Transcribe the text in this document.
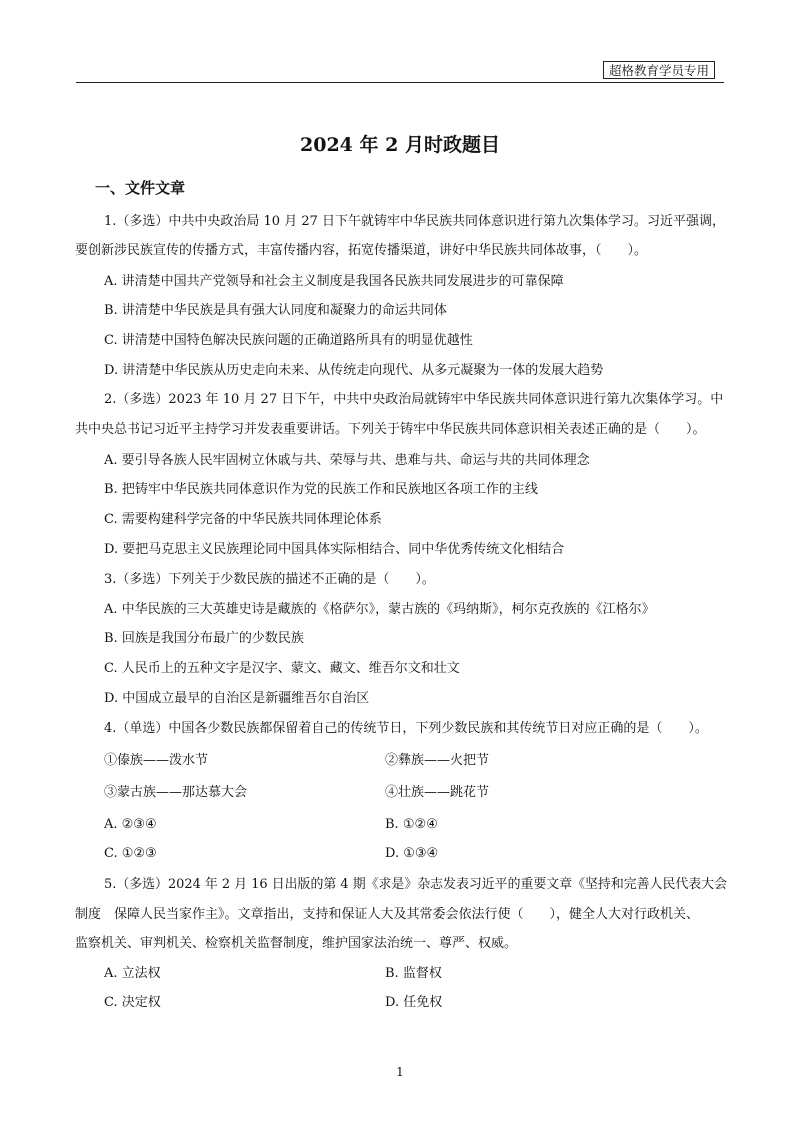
超格教育学员专用
2024 年 2 月时政题目
一、文件文章
1.（多选）中共中央政治局 10 月 27 日下午就铸牢中华民族共同体意识进行第九次集体学习。习近平强调，
要创新涉民族宣传的传播方式，丰富传播内容，拓宽传播渠道，讲好中华民族共同体故事，（　　）。
A. 讲清楚中国共产党领导和社会主义制度是我国各民族共同发展进步的可靠保障
B. 讲清楚中华民族是具有强大认同度和凝聚力的命运共同体
C. 讲清楚中国特色解决民族问题的正确道路所具有的明显优越性
D. 讲清楚中华民族从历史走向未来、从传统走向现代、从多元凝聚为一体的发展大趋势
2.（多选）2023 年 10 月 27 日下午，中共中央政治局就铸牢中华民族共同体意识进行第九次集体学习。中
共中央总书记习近平主持学习并发表重要讲话。下列关于铸牢中华民族共同体意识相关表述正确的是（　　）。
A. 要引导各族人民牢固树立休戚与共、荣辱与共、患难与共、命运与共的共同体理念
B. 把铸牢中华民族共同体意识作为党的民族工作和民族地区各项工作的主线
C. 需要构建科学完备的中华民族共同体理论体系
D. 要把马克思主义民族理论同中国具体实际相结合、同中华优秀传统文化相结合
3.（多选）下列关于少数民族的描述不正确的是（　　）。
A. 中华民族的三大英雄史诗是藏族的《格萨尔》，蒙古族的《玛纳斯》，柯尔克孜族的《江格尔》
B. 回族是我国分布最广的少数民族
C. 人民币上的五种文字是汉字、蒙文、藏文、维吾尔文和壮文
D. 中国成立最早的自治区是新疆维吾尔自治区
4.（单选）中国各少数民族都保留着自己的传统节日，下列少数民族和其传统节日对应正确的是（　　）。
①傣族——泼水节	②彝族——火把节
③蒙古族——那达慕大会	④壮族——跳花节
A. ②③④	B. ①②④
C. ①②③	D. ①③④
5.（多选）2024 年 2 月 16 日出版的第 4 期《求是》杂志发表习近平的重要文章《坚持和完善人民代表大会
制度　保障人民当家作主》。文章指出，支持和保证人大及其常委会依法行使（　　），健全人大对行政机关、
监察机关、审判机关、检察机关监督制度，维护国家法治统一、尊严、权威。
A. 立法权	B. 监督权
C. 决定权	D. 任免权
1
